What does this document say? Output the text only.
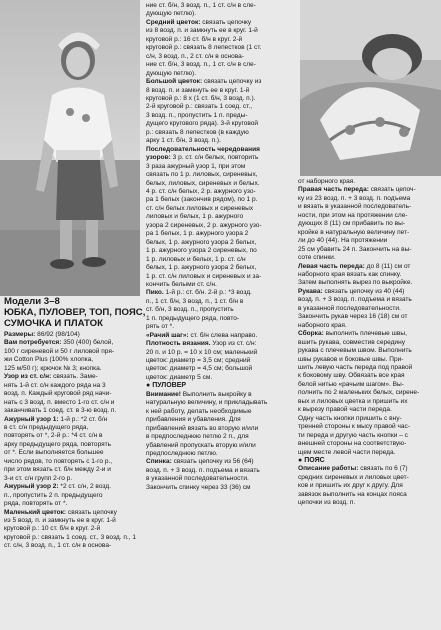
Модели 3–8

ЮБКА, ПУЛОВЕР, ТОП, ПОЯС,

СУМОЧКА И ПЛАТОК

Размеры: 86/92 (98/104)

Вам потребуется: 350 (400) белой,

100 г сиреневой и 50 г лиловой пря-

жи Cotton Plus (100% хлопка,

125 м/50 г); крючок № 3; кнопка.

Узор из ст. с/н: связать. Заме-

нять 1-й ст. с/н каждого ряда на 3

возд. п. Каждый круговой ряд начи-

нать с 3 возд. п. вместо 1-го ст. с/н и

заканчивать 1 соед. ст. в 3-ю возд. п.

Ажурный узор 1: 1-й р.: *2 ст. б/н

в ст. с/н предыдущего ряда,

повторять от *, 2-й р.: *4 ст. с/н в

арку предыдущего ряда, повторять

от *. Если выполняется большее

число рядов, то повторять с 1-го р.,

при этом вязать ст. б/н между 2-и и

3-и ст. с/н групп 2-го р.

Ажурный узор 2: *2 ст. с/н, 2 возд.

п., пропустить 2 п. предыдущего

ряда, повторять от *.

Маленький цветок: связать цепочку

из 5 возд. п. и замкнуть ее в круг. 1-й

круговой р.: 10 ст. б/н в круг. 2-й

круговой р.: связать 1 соед. ст., 3 возд. п., 1

ст. с/н, 3 возд. п., 1 ст. с/н в основа-

ние ст. б/н, 3 возд. п., 1 ст. с/н в сле-

дующую петлю).

Средний цветок: связать цепочку

из 8 возд. п. и замкнуть ее в круг. 1-й

круговой р.: 16 ст. б/н в круг. 2-й

круговой р.: связать 8 лепестков (1 ст.

с/н, 3 возд. п., 2 ст. с/н в основа-

ние ст. б/н, 3 возд. п., 1 ст. с/н в сле-

дующую петлю).

Большой цветок: связать цепочку из

8 возд. п. и замкнуть ее в круг. 1-й

круговой р.: 8 х (1 ст. б/н, 3 возд. п.).

2-й круговой р.: связать 1 соед. ст.,

3 возд. п., пропустить 1 п. преды-

дущего кругового ряда). 3-й круговой

р.: связать 8 лепестков (в каждую

арку 1 ст. б/н, 3 возд. п.).

Последовательность чередования

узоров: 3 р. ст. с/н белых, повторить

3 раза ажурный узор 1, при этом

связать по 1 р. лиловых, сиреневых,

белых, лиловых, сиреневых и белых.

4 р. ст. с/н белых, 2 р. ажурного узо-

ра 1 белых (закончив рядом), по 1 р.

ст. с/н белых лиловых и сиреневых

лиловых и белых, 1 р. ажурного

узора 2 сиреневых, 2 р. ажурного узо-

ра 1 белых, 1 р. ажурного узора 2

белых, 1 р. ажурного узора 2 белых,

1 р. ажурного узора 2 сиреневых, по

1 р. лиловых и белых, 1 р. ст. с/н

белых, 1 р. ажурного узора 2 белых,

1 р. ст. с/н лиловых и сиреневых и за-

кончить белыми ст. с/н.

Пико. 1-й р.: ст. б/н. 2-й р.: *3 возд.

п., 1 ст. б/н, 3 возд. п., 1 ст. б/н в

ст. б/н, 3 возд. п., пропустить

1 п. предыдущего ряда, повто-

рять от *.

«Рачий шаг»: ст. б/н слева направо.

Плотность вязания. Узор из ст. с/н:

20 п. и 10 р. = 10 х 10 см; маленький

цветок: диаметр = 3,5 см; средний

цветок: диаметр = 4,5 см; большой

цветок: диаметр 5 см.

● ПУЛОВЕР

Внимание! Выполнить выкройку в

натуральную величину, и прикладывать

к ней работу, делать необходимые

прибавления и убавления. Для

прибавлений вязать во вторую и/или

в предпоследнюю петлю 2 п., для

убавлений пропускать вторую и/или

предпоследнюю петлю.

Спинка: связать цепочку из 56 (64)

возд. п. + 3 возд. п. подъема и вязать

в указанной последовательности.

Закончить спинку через 33 (36) см

от наборного края.

Правая часть переда: связать цепоч-

ку из 23 возд. п. + 3 возд. п. подъема

и вязать в указанной последователь-

ности, при этом на протяжении сле-

дующих 8 (11) см прибавить по вы-

кройке в натуральную величину пет-

ли до 40 (44). На протяжении

25 см убавить 24 п. Закончить на вы-

соте спинки.

Левая часть переда: до 8 (11) см от

наборного края вязать как спинку.

Затем выполнять вырез по выкройке.

Рукава: связать цепочку из 40 (44)

возд. п. + 3 возд. п. подъема и вязать

в указанной последовательности.

Закончить рукав через 16 (18) см от

наборного края.

Сборка: выполнить плечевые швы,

вшить рукава, совместив середину

рукава с плечевым швом. Выполнить

швы рукавов и боковые швы. При-

шить левую часть переда под правой

к боковому шву. Обвязать все края

белой нитью «рачьим шагом». Вы-

полнить по 2 маленьких белых, сирене-

вых и лиловых цветка и пришить их

к вырезу правой части переда.

Одну часть кнопки пришить с вну-

тренней стороны к мысу правой час-

ти переда и другую часть кнопки – с

внешней стороны на соответствую-

щем месте левой части переда.

● ПОЯС

Описание работы: связать по 6 (7)

средних сиреневых и лиловых цвет-

ков и пришить их друг к другу. Для

завязок выполнить на концах пояса

цепочки из возд. п.
